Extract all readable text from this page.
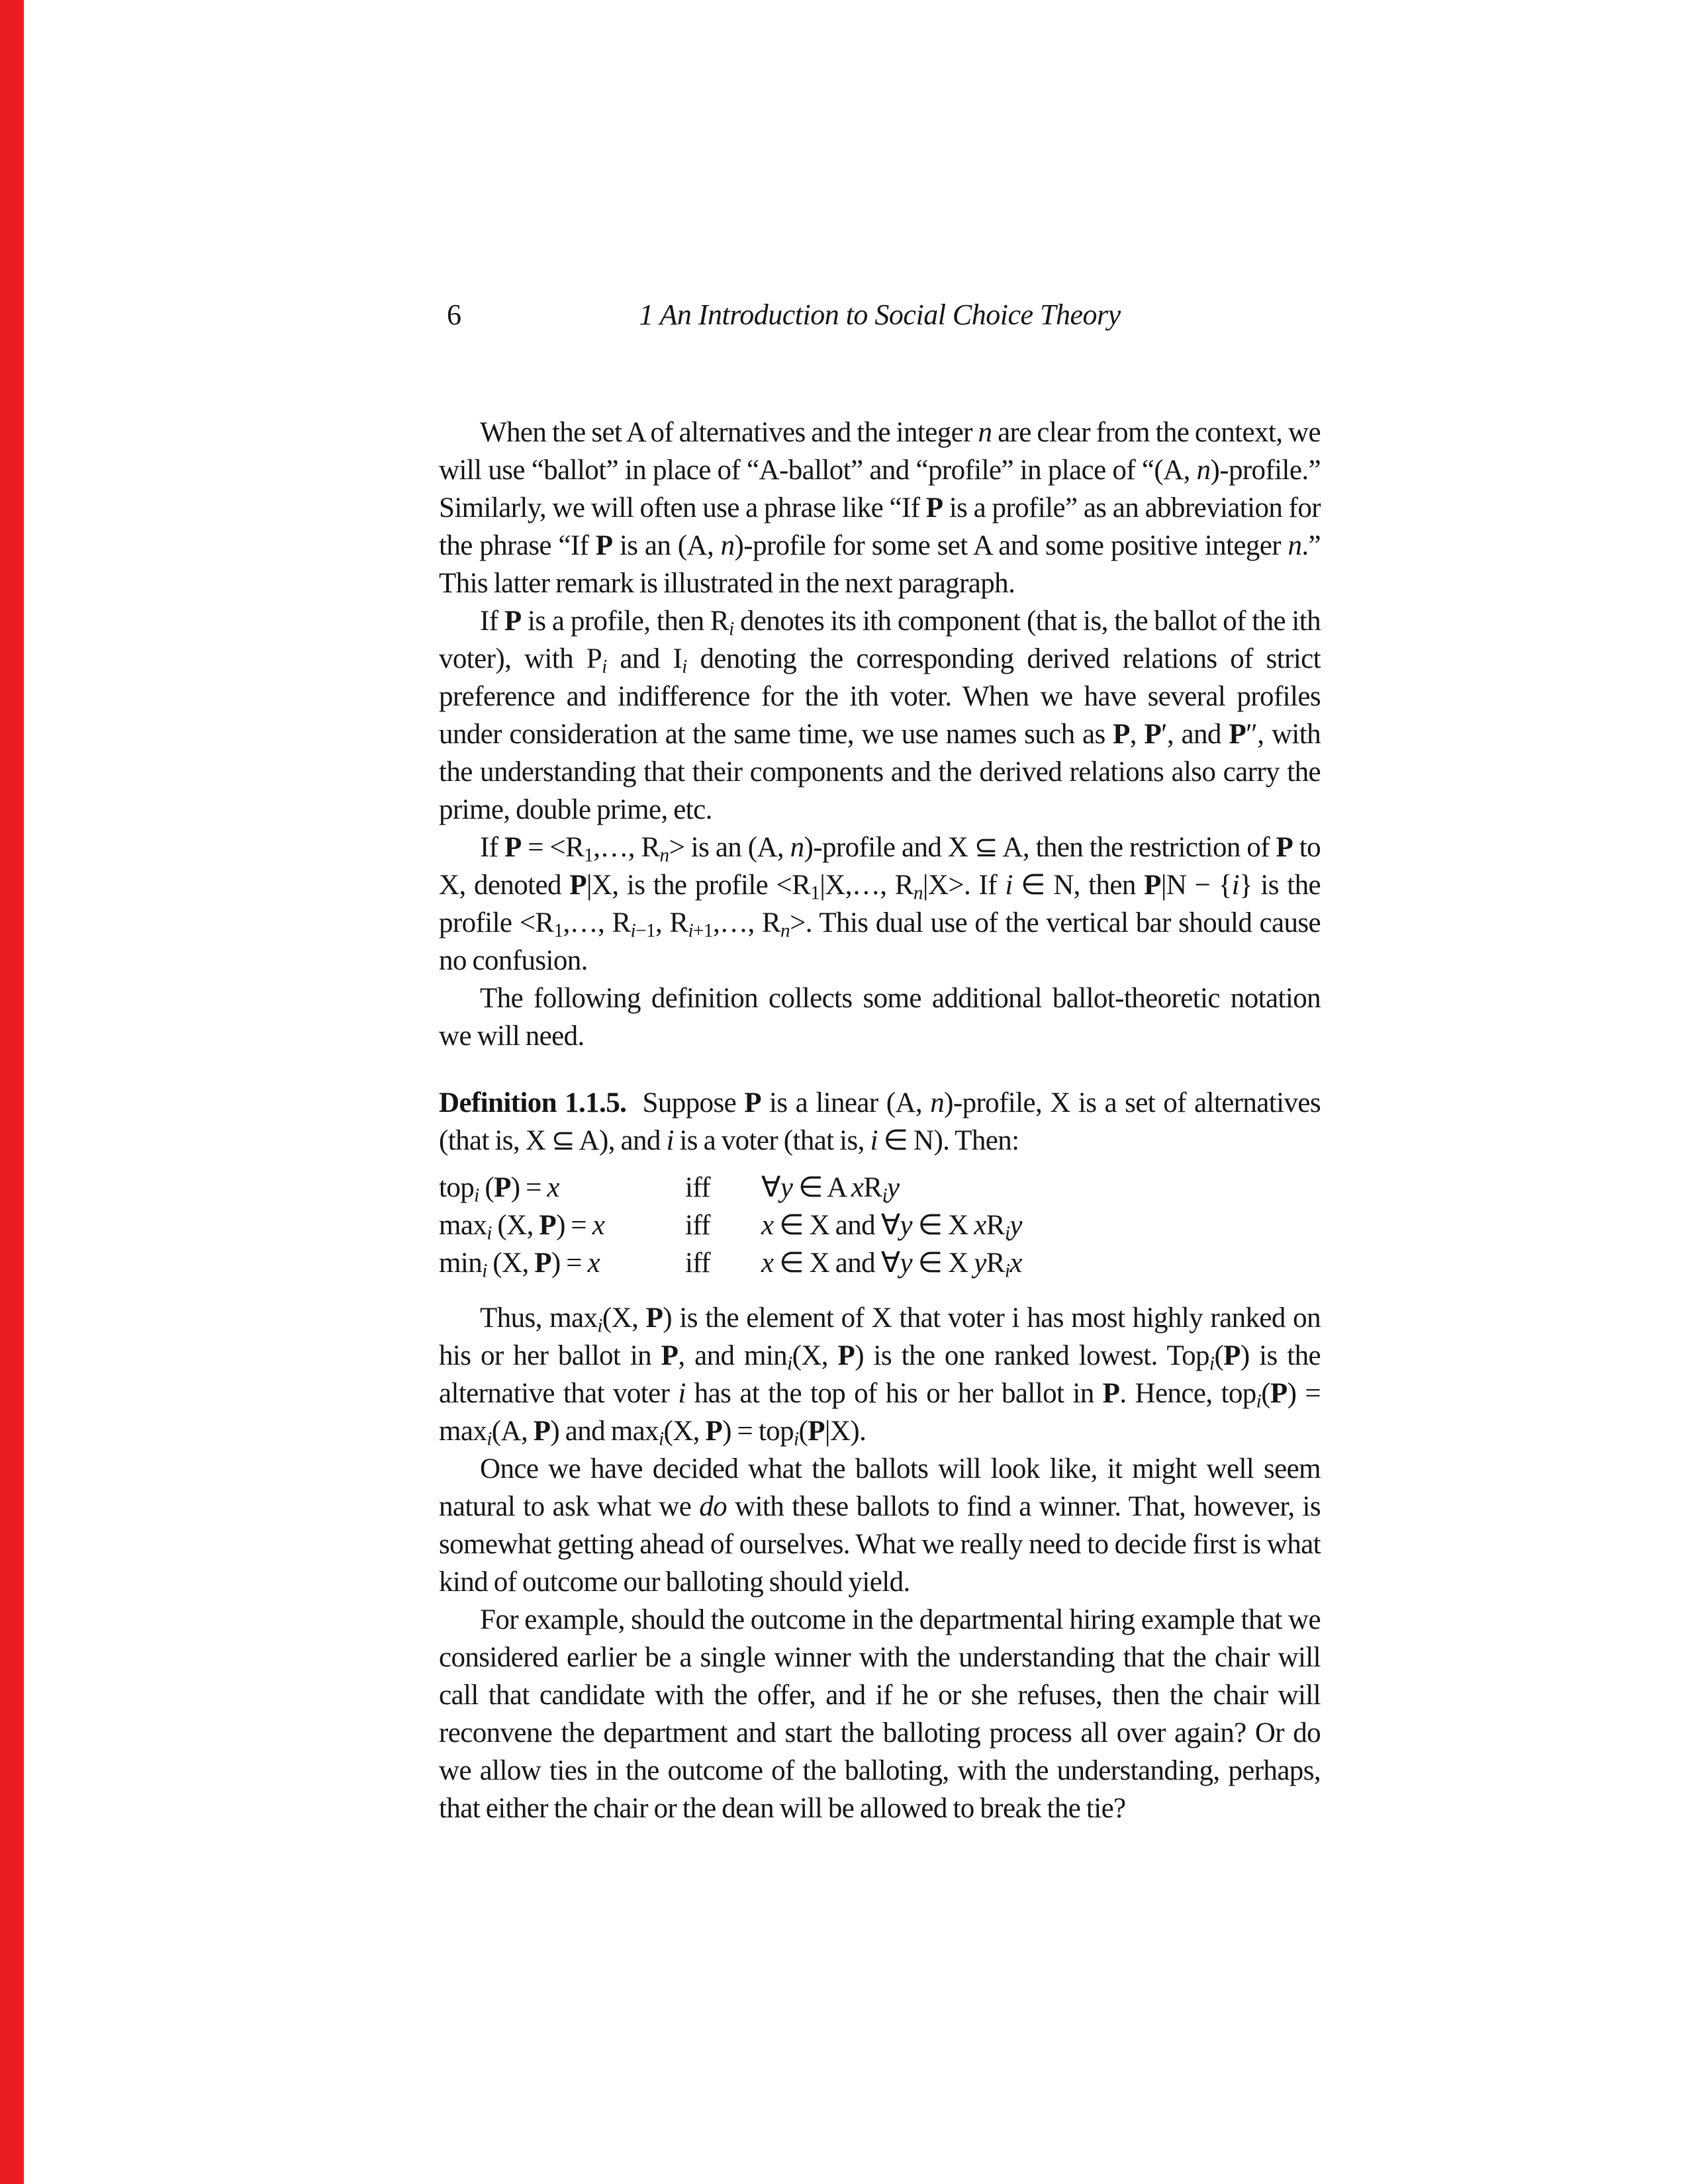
6	1 An Introduction to Social Choice Theory

When the set A of alternatives and the integer n are clear from the context, we will use “ballot” in place of “A-ballot” and “profile” in place of “(A, n)-profile.” Similarly, we will often use a phrase like “If P is a profile” as an abbreviation for the phrase “If P is an (A, n)-profile for some set A and some positive integer n.” This latter remark is illustrated in the next paragraph.

If P is a profile, then $R_i$ denotes its ith component (that is, the ballot of the ith voter), with $P_i$ and $I_i$ denoting the corresponding derived relations of strict preference and indifference for the ith voter. When we have several profiles under consideration at the same time, we use names such as P, P′, and P″, with the understanding that their components and the derived relations also carry the prime, double prime, etc.

If $P = <R_1,\dots$, $R_n>$ is an (A, n)-profile and X ⊆ A, then the restriction of P to X, denoted P|X, is the profile $<R_1|X,\dots$, $R_n|X>$. If i ∈ N, then P|N − {i} is the profile $<R_1,\dots$, $R_{i-1}$, $R_{i+1},\dots$, $R_n>$. This dual use of the vertical bar should cause no confusion.

The following definition collects some additional ballot-theoretic notation we will need.

Definition 1.1.5.  Suppose P is a linear (A, n)-profile, X is a set of alternatives (that is, X ⊆ A), and i is a voter (that is, i ∈ N). Then:

top$_i$ (P) = x	iff	∀y ∈ A $xR_iy$
$\max_i (X$, P) = x	iff	x ∈ X and ∀y ∈ X $xR_iy$
$\min_i (X$, P) = x	iff	x ∈ X and ∀y ∈ X $yR_ix$

Thus, $\max_i(X$, P) is the element of X that voter i has most highly ranked on his or her ballot in P, and $\min_i(X$, P) is the one ranked lowest. Top$_i$(P) is the alternative that voter i has at the top of his or her ballot in P. Hence, $top_i(P) = \max_i(A$, P) and $\max_i(X$, P) = top$_i$(P|X).

Once we have decided what the ballots will look like, it might well seem natural to ask what we do with these ballots to find a winner. That, however, is somewhat getting ahead of ourselves. What we really need to decide first is what kind of outcome our balloting should yield.

For example, should the outcome in the departmental hiring example that we considered earlier be a single winner with the understanding that the chair will call that candidate with the offer, and if he or she refuses, then the chair will reconvene the department and start the balloting process all over again? Or do we allow ties in the outcome of the balloting, with the understanding, perhaps, that either the chair or the dean will be allowed to break the tie?
